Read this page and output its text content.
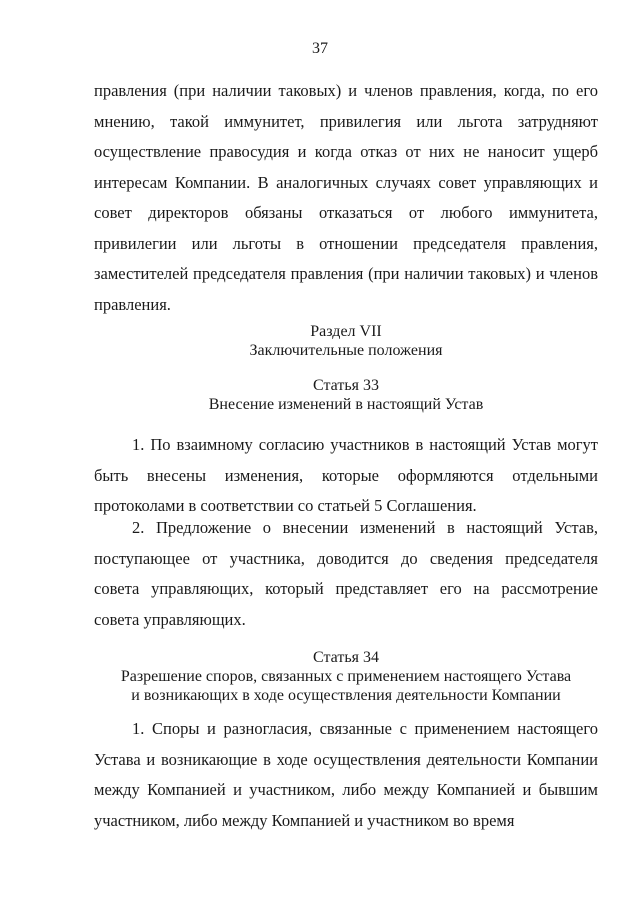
37

правления (при наличии таковых) и членов правления, когда, по его мнению, такой иммунитет, привилегия или льгота затрудняют осуществление правосудия и когда отказ от них не наносит ущерб интересам Компании. В аналогичных случаях совет управляющих и совет директоров обязаны отказаться от любого иммунитета, привилегии или льготы в отношении председателя правления, заместителей председателя правления (при наличии таковых) и членов правления.

Раздел VII

Заключительные положения

Статья 33

Внесение изменений в настоящий Устав

1. По взаимному согласию участников в настоящий Устав могут быть внесены изменения, которые оформляются отдельными протоколами в соответствии со статьей 5 Соглашения.

2. Предложение о внесении изменений в настоящий Устав, поступающее от участника, доводится до сведения председателя совета управляющих, который представляет его на рассмотрение совета управляющих.

Статья 34

Разрешение споров, связанных с применением настоящего Устава

и возникающих в ходе осуществления деятельности Компании

1. Споры и разногласия, связанные с применением настоящего Устава и возникающие в ходе осуществления деятельности Компании между Компанией и участником, либо между Компанией и бывшим участником, либо между Компанией и участником во время
